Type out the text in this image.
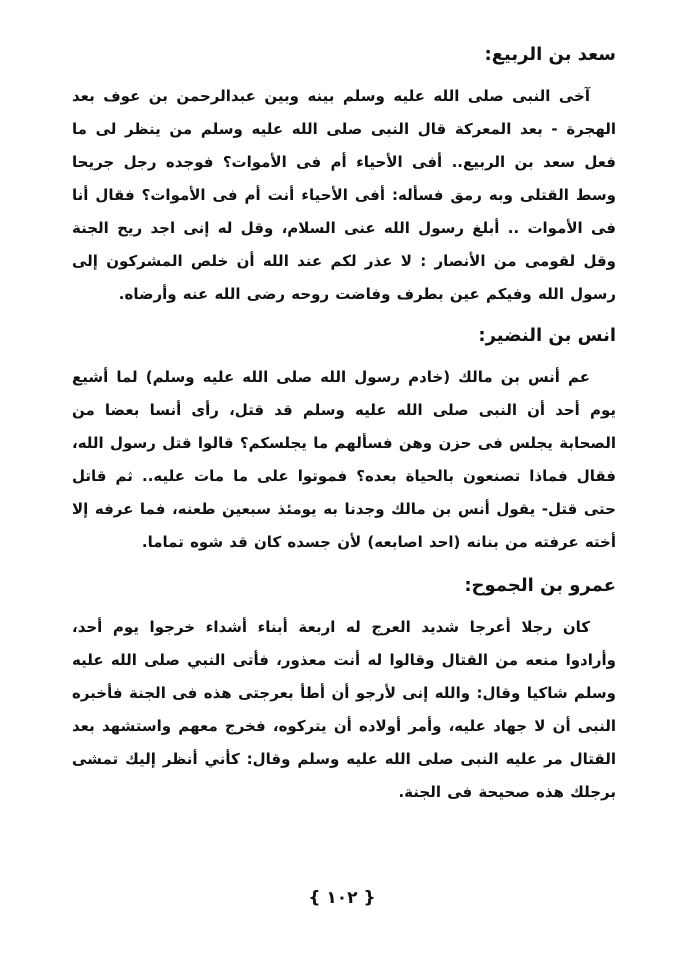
سعد بن الربيع:

آخى النبى صلى الله عليه وسلم بينه وبين عبدالرحمن بن عوف بعد الهجرة - بعد المعركة قال النبى صلى الله عليه وسلم من ينظر لى ما فعل سعد بن الربيع.. أفى الأحياء أم فى الأموات؟ فوجده رجل جريحا وسط القتلى وبه رمق فسأله: أفى الأحياء أنت أم فى الأموات؟ فقال أنا فى الأموات .. أبلغ رسول الله عنى السلام، وقل له إنى اجد ريح الجنة وقل لقومى من الأنصار : لا عذر لكم عند الله أن خلص المشركون إلى رسول الله وفيكم عين بطرف وفاضت روحه رضى الله عنه وأرضاه.

انس بن النضير:

عم أنس بن مالك (خادم رسول الله صلى الله عليه وسلم) لما أشيع يوم أحد أن النبى صلى الله عليه وسلم قد قتل، رأى أنسا بعضا من الصحابة يجلس فى حزن وهن فسألهم ما يجلسكم؟ قالوا قتل رسول الله، فقال فماذا تصنعون بالحياة بعده؟ فموتوا على ما مات عليه.. ثم قاتل حتى قتل- يقول أنس بن مالك وجدنا به يومئذ سبعين طعنه، فما عرفه إلا أخته عرفته من بنانه (احد اصابعه) لأن جسده كان قد شوه تماما.

عمرو بن الجموح:

كان رجلا أعرجا شديد العرج له اربعة أبناء أشداء خرجوا يوم أحد، وأرادوا منعه من القتال وقالوا له أنت معذور، فأتى النبي صلى الله عليه وسلم شاكيا وقال: والله إنى لأرجو أن أطأ بعرجتى هذه فى الجنة فأخبره النبى أن لا جهاد عليه، وأمر أولاده أن يتركوه، فخرج معهم واستشهد بعد القتال مر عليه النبى صلى الله عليه وسلم وقال: كأني أنظر إليك تمشى برجلك هذه صحيحة فى الجنة.

{ ١٠٢ }
